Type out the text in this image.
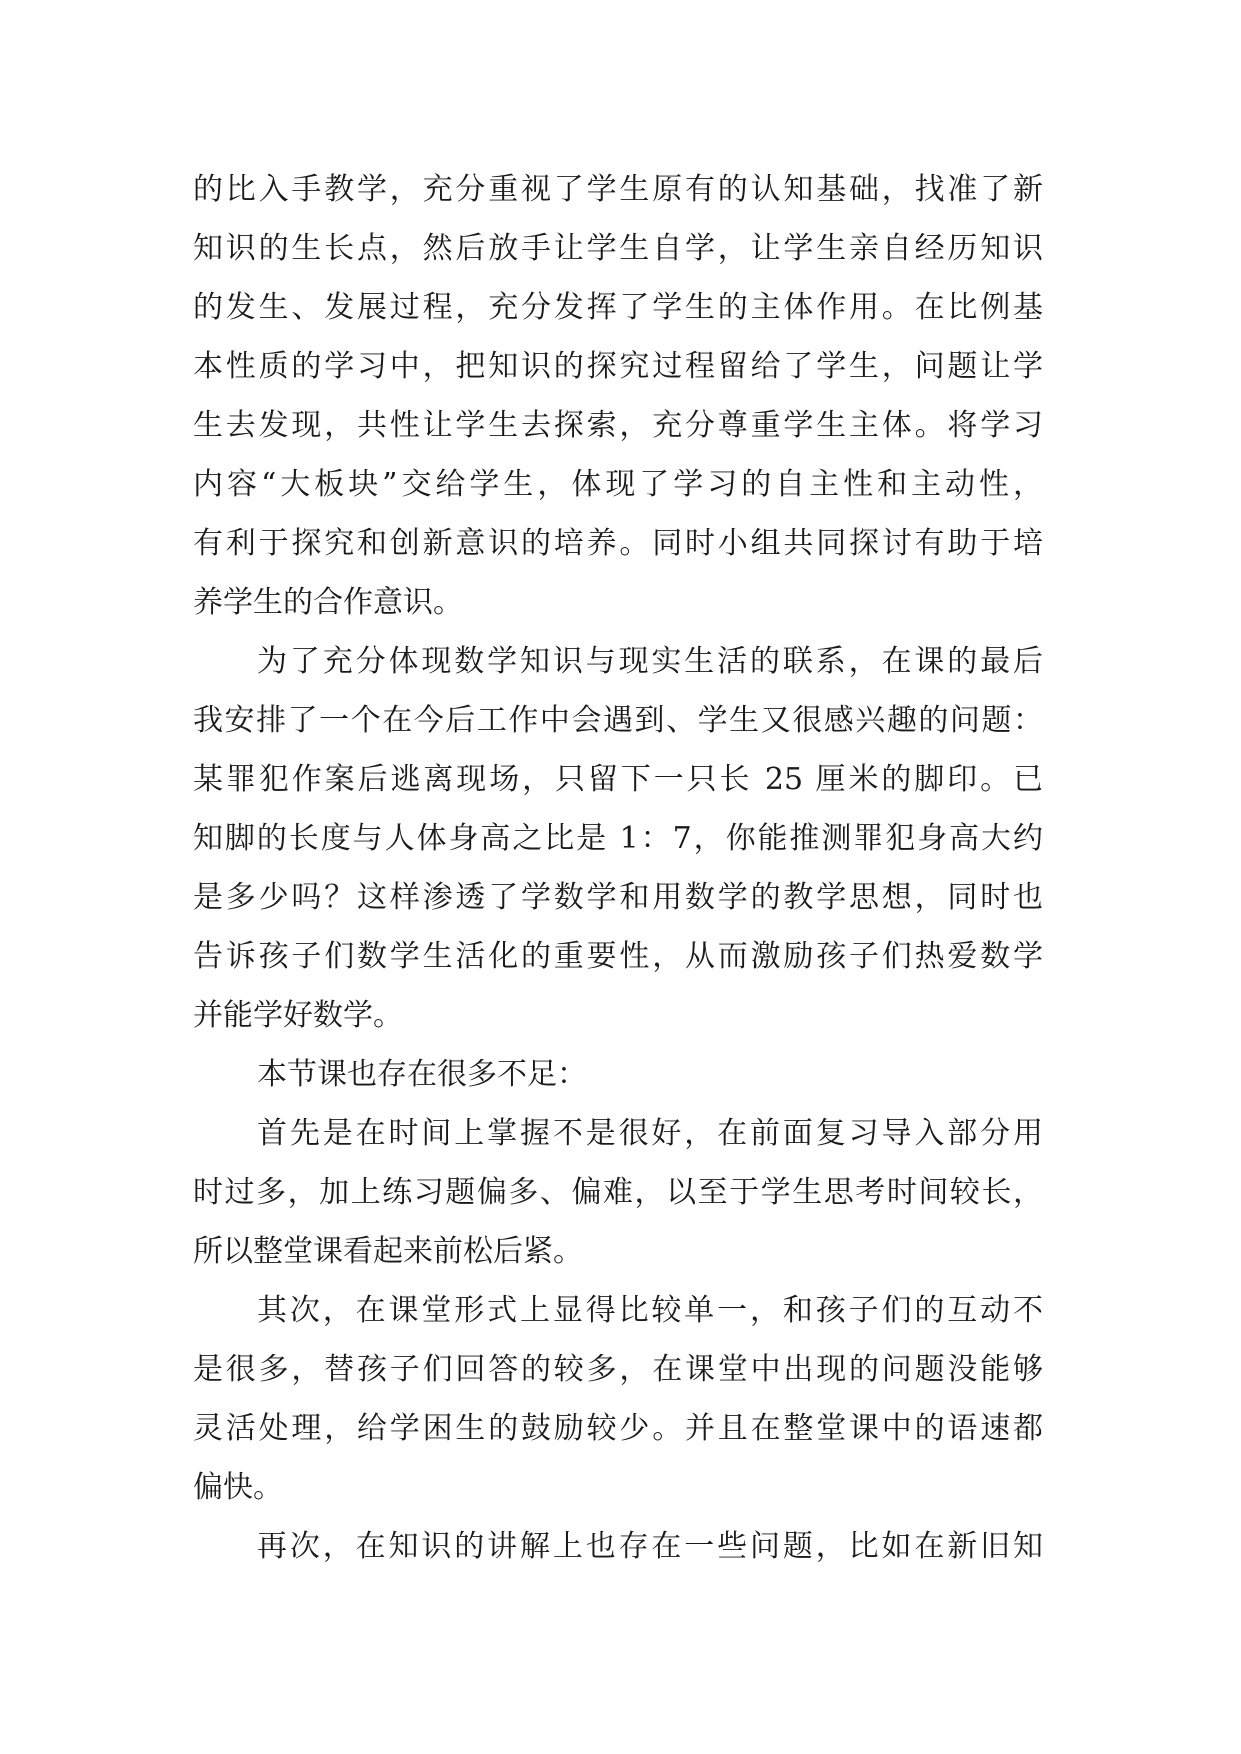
的比入手教学，充分重视了学生原有的认知基础，找准了新
知识的生长点，然后放手让学生自学，让学生亲自经历知识
的发生、发展过程，充分发挥了学生的主体作用。在比例基
本性质的学习中，把知识的探究过程留给了学生，问题让学
生去发现，共性让学生去探索，充分尊重学生主体。将学习
内容“大板块”交给学生，体现了学习的自主性和主动性，
有利于探究和创新意识的培养。同时小组共同探讨有助于培
养学生的合作意识。
为了充分体现数学知识与现实生活的联系，在课的最后
我安排了一个在今后工作中会遇到、学生又很感兴趣的问题：
某罪犯作案后逃离现场，只留下一只长 25 厘米的脚印。已
知脚的长度与人体身高之比是 1：7，你能推测罪犯身高大约
是多少吗？这样渗透了学数学和用数学的教学思想，同时也
告诉孩子们数学生活化的重要性，从而激励孩子们热爱数学
并能学好数学。
本节课也存在很多不足：
首先是在时间上掌握不是很好，在前面复习导入部分用
时过多，加上练习题偏多、偏难，以至于学生思考时间较长，
所以整堂课看起来前松后紧。
其次，在课堂形式上显得比较单一，和孩子们的互动不
是很多，替孩子们回答的较多，在课堂中出现的问题没能够
灵活处理，给学困生的鼓励较少。并且在整堂课中的语速都
偏快。
再次，在知识的讲解上也存在一些问题，比如在新旧知
